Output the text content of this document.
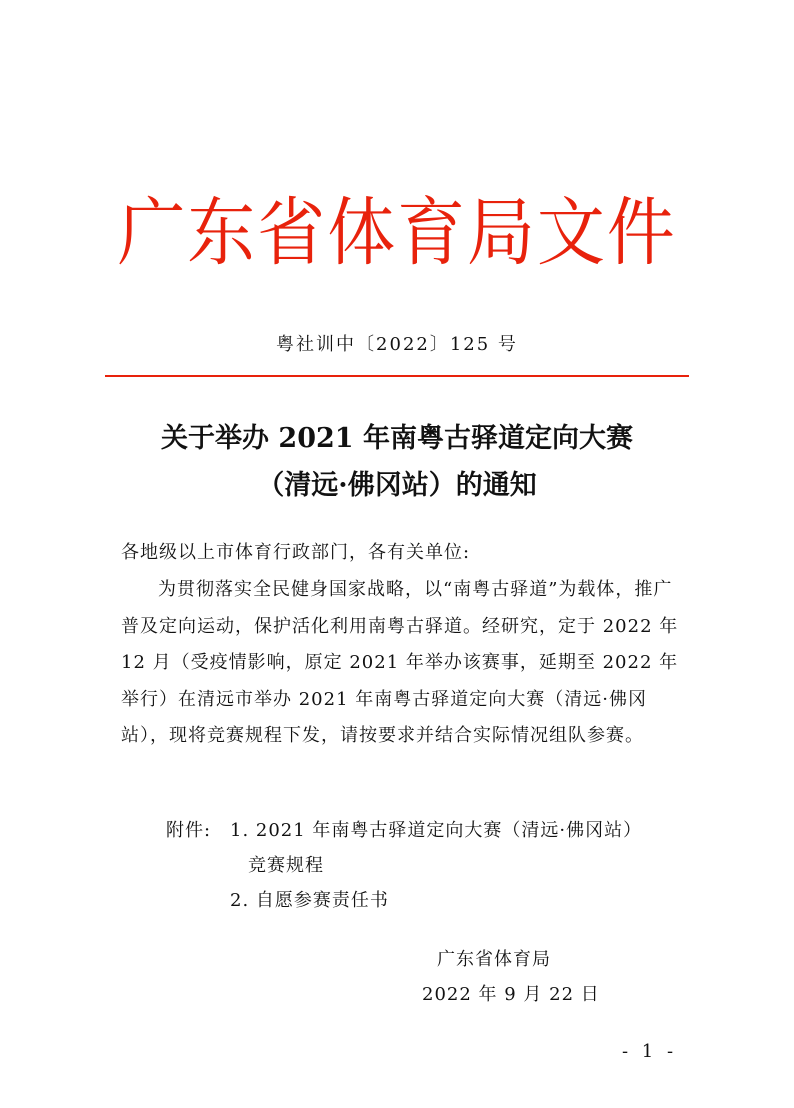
广东省体育局文件
粤社训中〔2022〕125 号
关于举办 2021 年南粤古驿道定向大赛
（清远·佛冈站）的通知
各地级以上市体育行政部门，各有关单位:
为贯彻落实全民健身国家战略，以“南粤古驿道”为载体，推广普及定向运动，保护活化利用南粤古驿道。经研究，定于 2022 年 12 月（受疫情影响，原定 2021 年举办该赛事，延期至 2022 年举行）在清远市举办 2021 年南粤古驿道定向大赛（清远·佛冈站），现将竞赛规程下发，请按要求并结合实际情况组队参赛。
附件: 1. 2021 年南粤古驿道定向大赛（清远·佛冈站）
竞赛规程
2. 自愿参赛责任书
广东省体育局
2022 年 9 月 22 日
- 1 -
